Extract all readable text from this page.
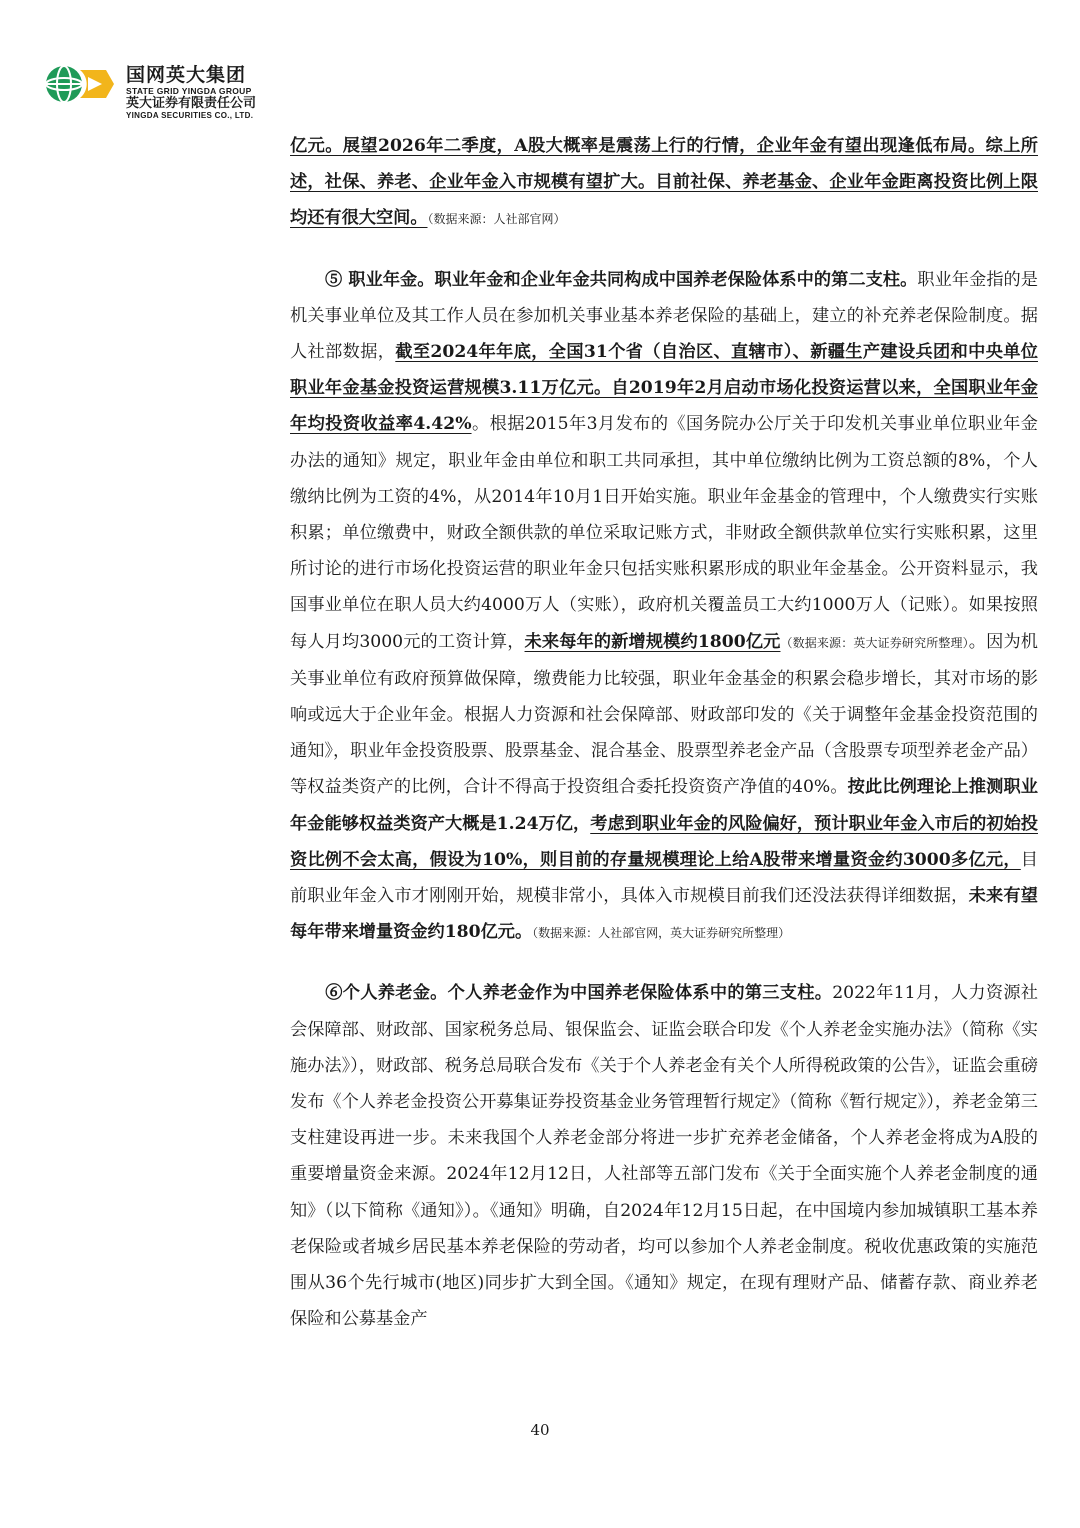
国网英大集团
STATE GRID YINGDA GROUP
英大证券有限责任公司
YINGDA SECURITIES CO., LTD.

亿元。展望2026年二季度，A股大概率是震荡上行的行情，企业年金有望出现逢低布局。综上所述，社保、养老、企业年金入市规模有望扩大。目前社保、养老基金、企业年金距离投资比例上限均还有很大空间。（数据来源：人社部官网）

⑤ 职业年金。职业年金和企业年金共同构成中国养老保险体系中的第二支柱。职业年金指的是机关事业单位及其工作人员在参加机关事业基本养老保险的基础上，建立的补充养老保险制度。据人社部数据，截至2024年年底，全国31个省（自治区、直辖市）、新疆生产建设兵团和中央单位职业年金基金投资运营规模3.11万亿元。自2019年2月启动市场化投资运营以来，全国职业年金年均投资收益率4.42%。根据2015年3月发布的《国务院办公厅关于印发机关事业单位职业年金办法的通知》规定，职业年金由单位和职工共同承担，其中单位缴纳比例为工资总额的8%，个人缴纳比例为工资的4%，从2014年10月1日开始实施。职业年金基金的管理中，个人缴费实行实账积累；单位缴费中，财政全额供款的单位采取记账方式，非财政全额供款单位实行实账积累，这里所讨论的进行市场化投资运营的职业年金只包括实账积累形成的职业年金基金。公开资料显示，我国事业单位在职人员大约4000万人（实账），政府机关覆盖员工大约1000万人（记账）。如果按照每人月均3000元的工资计算，未来每年的新增规模约1800亿元（数据来源：英大证券研究所整理）。因为机关事业单位有政府预算做保障，缴费能力比较强，职业年金基金的积累会稳步增长，其对市场的影响或远大于企业年金。根据人力资源和社会保障部、财政部印发的《关于调整年金基金投资范围的通知》，职业年金投资股票、股票基金、混合基金、股票型养老金产品（含股票专项型养老金产品）等权益类资产的比例，合计不得高于投资组合委托投资资产净值的40%。按此比例理论上推测职业年金能够权益类资产大概是1.24万亿，考虑到职业年金的风险偏好，预计职业年金入市后的初始投资比例不会太高，假设为10%，则目前的存量规模理论上给A股带来增量资金约3000多亿元，目前职业年金入市才刚刚开始，规模非常小，具体入市规模目前我们还没法获得详细数据，未来有望每年带来增量资金约180亿元。（数据来源：人社部官网，英大证券研究所整理）

⑥个人养老金。个人养老金作为中国养老保险体系中的第三支柱。2022年11月，人力资源社会保障部、财政部、国家税务总局、银保监会、证监会联合印发《个人养老金实施办法》（简称《实施办法》），财政部、税务总局联合发布《关于个人养老金有关个人所得税政策的公告》，证监会重磅发布《个人养老金投资公开募集证券投资基金业务管理暂行规定》（简称《暂行规定》），养老金第三支柱建设再进一步。未来我国个人养老金部分将进一步扩充养老金储备，个人养老金将成为A股的重要增量资金来源。2024年12月12日，人社部等五部门发布《关于全面实施个人养老金制度的通知》（以下简称《通知》）。《通知》明确，自2024年12月15日起，在中国境内参加城镇职工基本养老保险或者城乡居民基本养老保险的劳动者，均可以参加个人养老金制度。税收优惠政策的实施范围从36个先行城市(地区)同步扩大到全国。《通知》规定，在现有理财产品、储蓄存款、商业养老保险和公募基金产

40
